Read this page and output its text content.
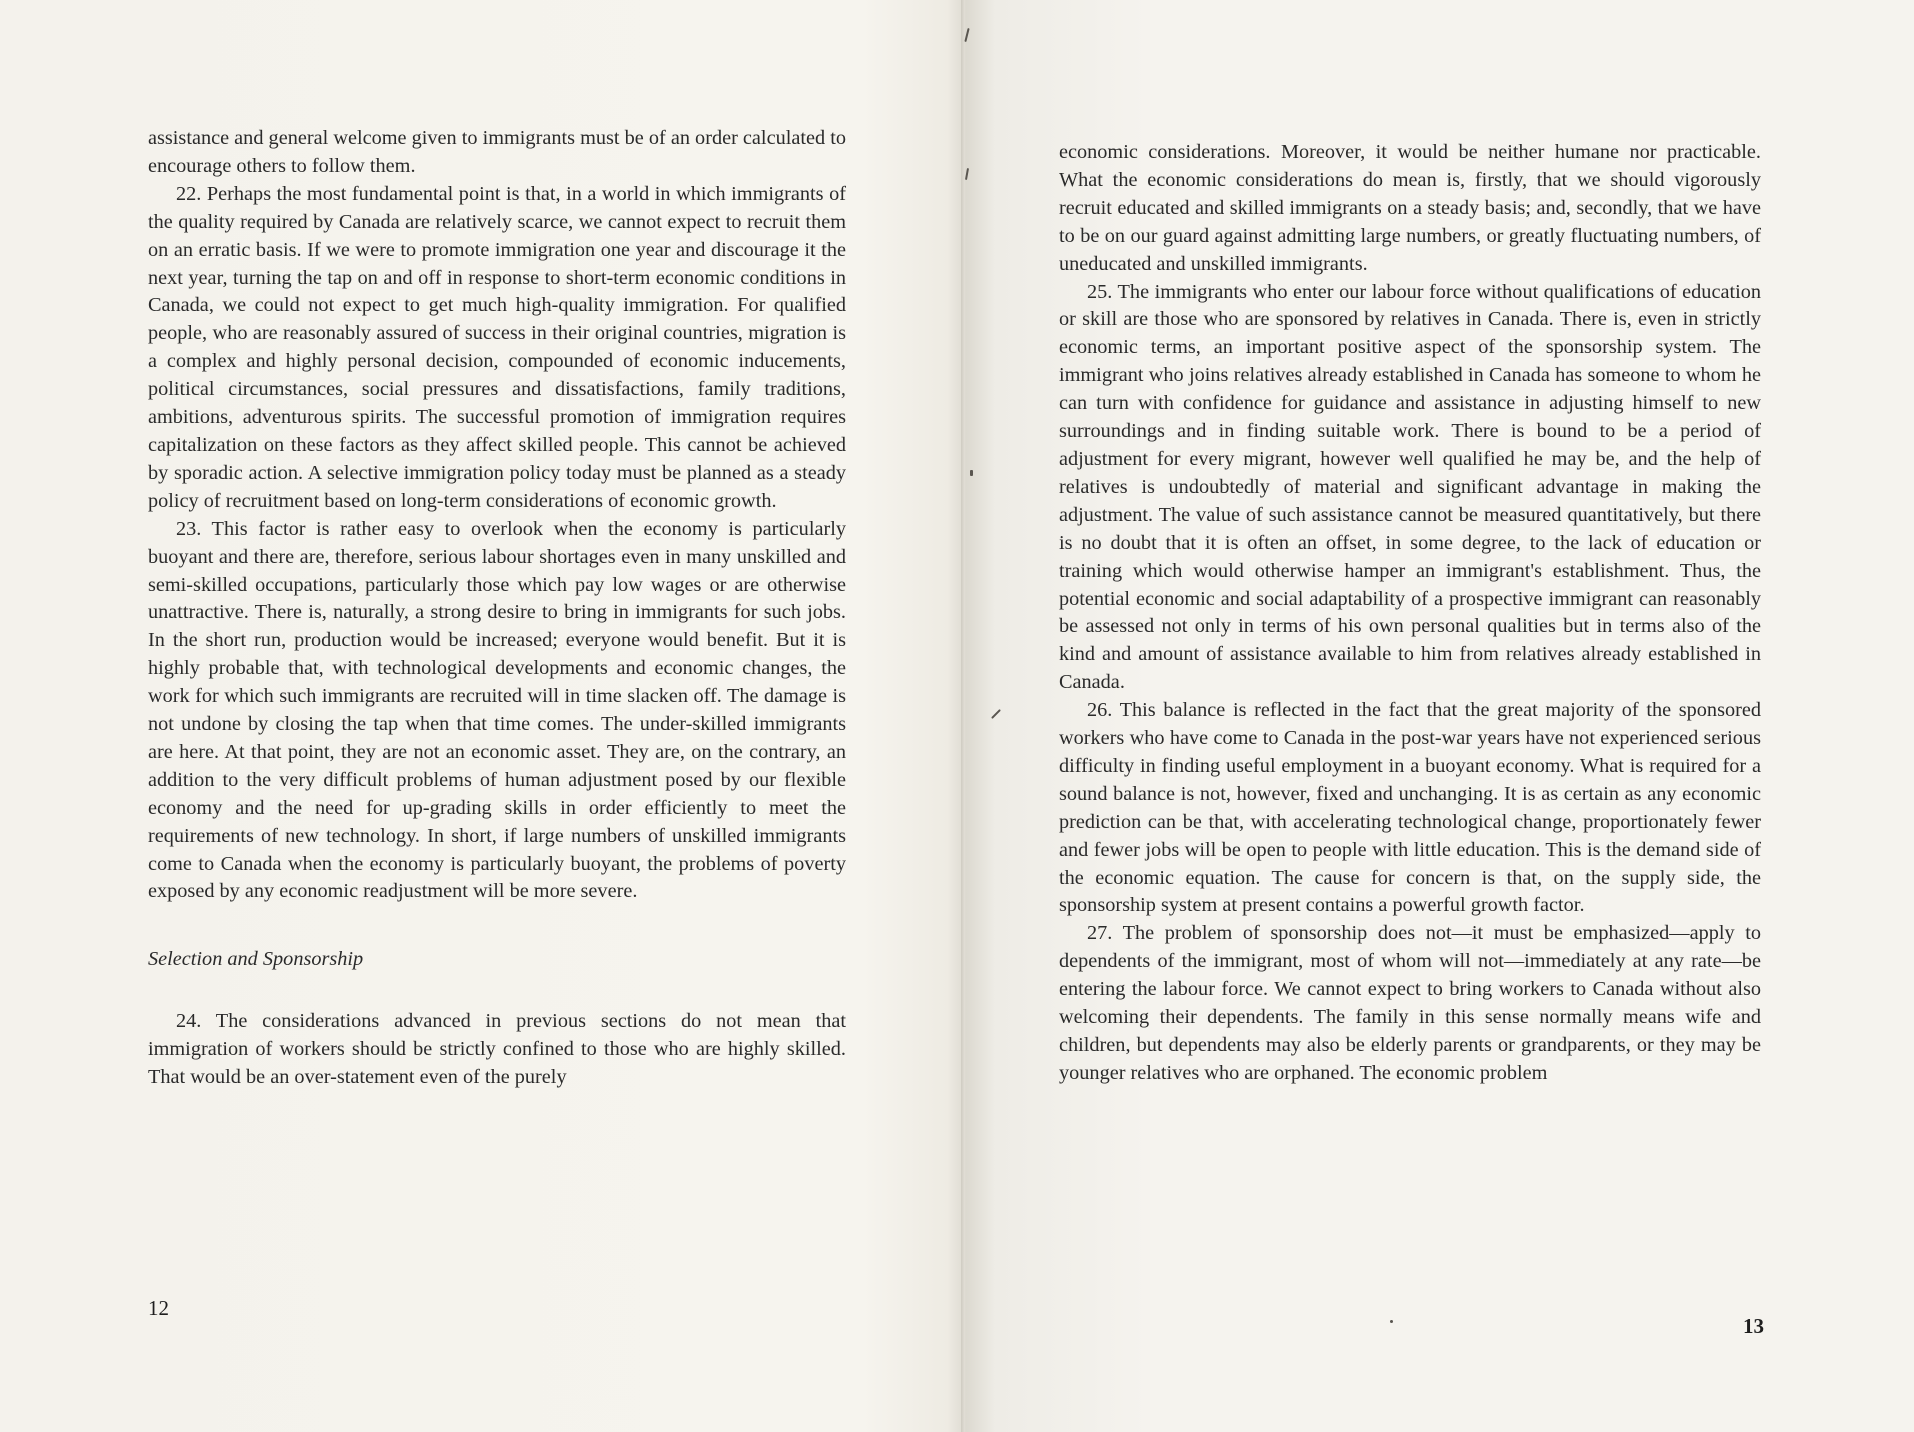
assistance and general welcome given to immigrants must be of an order calculated to encourage others to follow them.

22. Perhaps the most fundamental point is that, in a world in which immigrants of the quality required by Canada are relatively scarce, we cannot expect to recruit them on an erratic basis. If we were to promote immigration one year and discourage it the next year, turning the tap on and off in response to short-term economic conditions in Canada, we could not expect to get much high-quality immigration. For qualified people, who are reasonably assured of success in their original countries, migration is a complex and highly personal decision, compounded of economic inducements, political circumstances, social pressures and dissatisfactions, family traditions, ambitions, adventurous spirits. The successful promotion of immigration requires capitalization on these factors as they affect skilled people. This cannot be achieved by sporadic action. A selective immigration policy today must be planned as a steady policy of recruitment based on long-term considerations of economic growth.

23. This factor is rather easy to overlook when the economy is particularly buoyant and there are, therefore, serious labour shortages even in many unskilled and semi-skilled occupations, particularly those which pay low wages or are otherwise unattractive. There is, naturally, a strong desire to bring in immigrants for such jobs. In the short run, production would be increased; everyone would benefit. But it is highly probable that, with technological developments and economic changes, the work for which such immigrants are recruited will in time slacken off. The damage is not undone by closing the tap when that time comes. The under-skilled immigrants are here. At that point, they are not an economic asset. They are, on the contrary, an addition to the very difficult problems of human adjustment posed by our flexible economy and the need for up-grading skills in order efficiently to meet the requirements of new technology. In short, if large numbers of unskilled immigrants come to Canada when the economy is particularly buoyant, the problems of poverty exposed by any economic readjustment will be more severe.

Selection and Sponsorship

24. The considerations advanced in previous sections do not mean that immigration of workers should be strictly confined to those who are highly skilled. That would be an over-statement even of the purely

12

economic considerations. Moreover, it would be neither humane nor practicable. What the economic considerations do mean is, firstly, that we should vigorously recruit educated and skilled immigrants on a steady basis; and, secondly, that we have to be on our guard against admitting large numbers, or greatly fluctuating numbers, of uneducated and unskilled immigrants.

25. The immigrants who enter our labour force without qualifications of education or skill are those who are sponsored by relatives in Canada. There is, even in strictly economic terms, an important positive aspect of the sponsorship system. The immigrant who joins relatives already established in Canada has someone to whom he can turn with confidence for guidance and assistance in adjusting himself to new surroundings and in finding suitable work. There is bound to be a period of adjustment for every migrant, however well qualified he may be, and the help of relatives is undoubtedly of material and significant advantage in making the adjustment. The value of such assistance cannot be measured quantitatively, but there is no doubt that it is often an offset, in some degree, to the lack of education or training which would otherwise hamper an immigrant's establishment. Thus, the potential economic and social adaptability of a prospective immigrant can reasonably be assessed not only in terms of his own personal qualities but in terms also of the kind and amount of assistance available to him from relatives already established in Canada.

26. This balance is reflected in the fact that the great majority of the sponsored workers who have come to Canada in the post-war years have not experienced serious difficulty in finding useful employment in a buoyant economy. What is required for a sound balance is not, however, fixed and unchanging. It is as certain as any economic prediction can be that, with accelerating technological change, proportionately fewer and fewer jobs will be open to people with little education. This is the demand side of the economic equation. The cause for concern is that, on the supply side, the sponsorship system at present contains a powerful growth factor.

27. The problem of sponsorship does not—it must be emphasized—apply to dependents of the immigrant, most of whom will not—immediately at any rate—be entering the labour force. We cannot expect to bring workers to Canada without also welcoming their dependents. The family in this sense normally means wife and children, but dependents may also be elderly parents or grandparents, or they may be younger relatives who are orphaned. The economic problem

13
